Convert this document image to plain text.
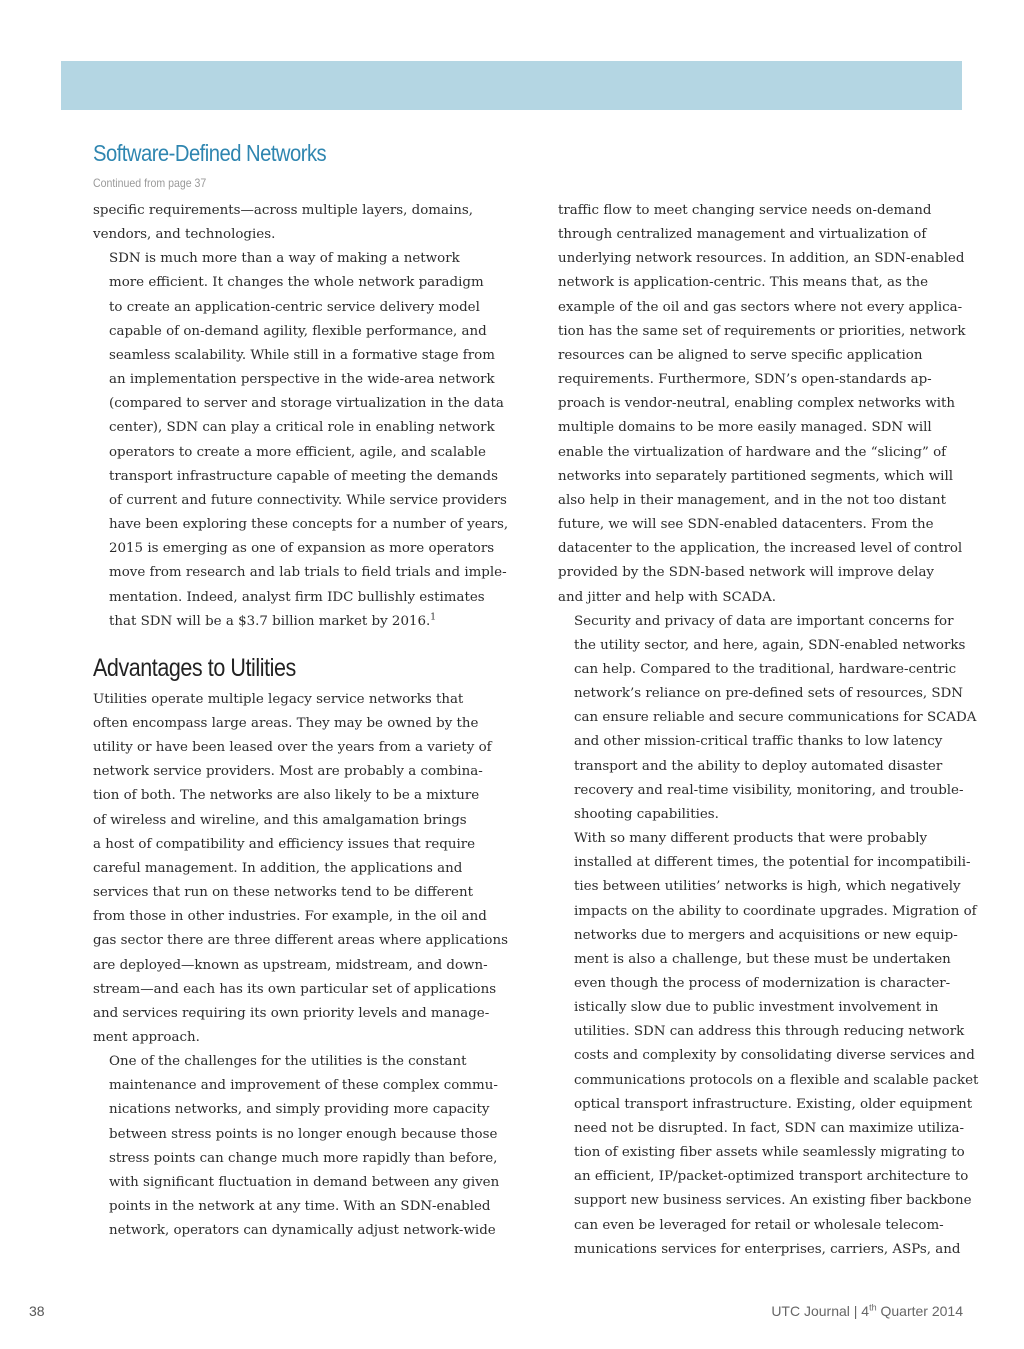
Software-Defined Networks
Continued from page 37

specific requirements—across multiple layers, domains,
vendors, and technologies.

SDN is much more than a way of making a network
more efficient. It changes the whole network paradigm
to create an application-centric service delivery model
capable of on-demand agility, flexible performance, and
seamless scalability. While still in a formative stage from
an implementation perspective in the wide-area network
(compared to server and storage virtualization in the data
center), SDN can play a critical role in enabling network
operators to create a more efficient, agile, and scalable
transport infrastructure capable of meeting the demands
of current and future connectivity. While service providers
have been exploring these concepts for a number of years,
2015 is emerging as one of expansion as more operators
move from research and lab trials to field trials and imple-
mentation. Indeed, analyst firm IDC bullishly estimates
that SDN will be a $3.7 billion market by 2016.$^1$

Advantages to Utilities

Utilities operate multiple legacy service networks that
often encompass large areas. They may be owned by the
utility or have been leased over the years from a variety of
network service providers. Most are probably a combina-
tion of both. The networks are also likely to be a mixture
of wireless and wireline, and this amalgamation brings
a host of compatibility and efficiency issues that require
careful management. In addition, the applications and
services that run on these networks tend to be different
from those in other industries. For example, in the oil and
gas sector there are three different areas where applications
are deployed—known as upstream, midstream, and down-
stream—and each has its own particular set of applications
and services requiring its own priority levels and manage-
ment approach.

One of the challenges for the utilities is the constant
maintenance and improvement of these complex commu-
nications networks, and simply providing more capacity
between stress points is no longer enough because those
stress points can change much more rapidly than before,
with significant fluctuation in demand between any given
points in the network at any time. With an SDN-enabled
network, operators can dynamically adjust network-wide

traffic flow to meet changing service needs on-demand
through centralized management and virtualization of
underlying network resources. In addition, an SDN-enabled
network is application-centric. This means that, as the
example of the oil and gas sectors where not every applica-
tion has the same set of requirements or priorities, network
resources can be aligned to serve specific application
requirements. Furthermore, SDN’s open-standards ap-
proach is vendor-neutral, enabling complex networks with
multiple domains to be more easily managed. SDN will
enable the virtualization of hardware and the “slicing” of
networks into separately partitioned segments, which will
also help in their management, and in the not too distant
future, we will see SDN-enabled datacenters. From the
datacenter to the application, the increased level of control
provided by the SDN-based network will improve delay
and jitter and help with SCADA.

Security and privacy of data are important concerns for
the utility sector, and here, again, SDN-enabled networks
can help. Compared to the traditional, hardware-centric
network’s reliance on pre-defined sets of resources, SDN
can ensure reliable and secure communications for SCADA
and other mission-critical traffic thanks to low latency
transport and the ability to deploy automated disaster
recovery and real-time visibility, monitoring, and trouble-
shooting capabilities.

With so many different products that were probably
installed at different times, the potential for incompatibili-
ties between utilities’ networks is high, which negatively
impacts on the ability to coordinate upgrades. Migration of
networks due to mergers and acquisitions or new equip-
ment is also a challenge, but these must be undertaken
even though the process of modernization is character-
istically slow due to public investment involvement in
utilities. SDN can address this through reducing network
costs and complexity by consolidating diverse services and
communications protocols on a flexible and scalable packet
optical transport infrastructure. Existing, older equipment
need not be disrupted. In fact, SDN can maximize utiliza-
tion of existing fiber assets while seamlessly migrating to
an efficient, IP/packet-optimized transport architecture to
support new business services. An existing fiber backbone
can even be leveraged for retail or wholesale telecom-
munications services for enterprises, carriers, ASPs, and

38	UTC Journal | 4th Quarter 2014
